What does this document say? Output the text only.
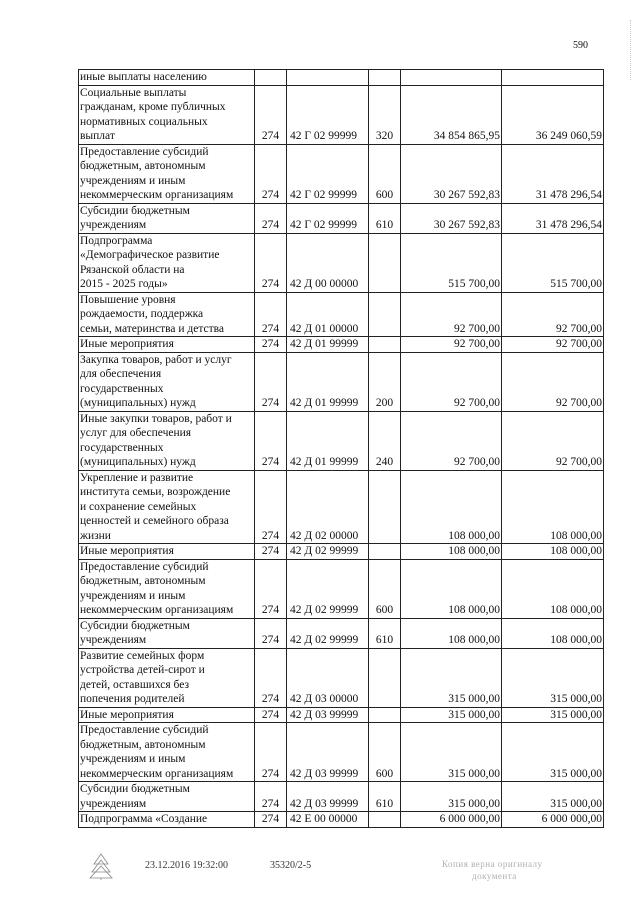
590
иные выплаты населению					

Социальные выплаты
гражданам, кроме публичных
нормативных социальных
выплат	274	42 Г 02 99999	320	34 854 865,95	36 249 060,59

Предоставление субсидий
бюджетным, автономным
учреждениям и иным
некоммерческим организациям	274	42 Г 02 99999	600	30 267 592,83	31 478 296,54

Субсидии бюджетным
учреждениям	274	42 Г 02 99999	610	30 267 592,83	31 478 296,54

Подпрограмма
«Демографическое развитие
Рязанской области на
2015 - 2025 годы»	274	42 Д 00 00000		515 700,00	515 700,00

Повышение уровня
рождаемости, поддержка
семьи, материнства и детства	274	42 Д 01 00000		92 700,00	92 700,00

Иные мероприятия	274	42 Д 01 99999		92 700,00	92 700,00

Закупка товаров, работ и услуг
для обеспечения
государственных
(муниципальных) нужд	274	42 Д 01 99999	200	92 700,00	92 700,00

Иные закупки товаров, работ и
услуг для обеспечения
государственных
(муниципальных) нужд	274	42 Д 01 99999	240	92 700,00	92 700,00

Укрепление и развитие
института семьи, возрождение
и сохранение семейных
ценностей и семейного образа
жизни	274	42 Д 02 00000		108 000,00	108 000,00

Иные мероприятия	274	42 Д 02 99999		108 000,00	108 000,00

Предоставление субсидий
бюджетным, автономным
учреждениям и иным
некоммерческим организациям	274	42 Д 02 99999	600	108 000,00	108 000,00

Субсидии бюджетным
учреждениям	274	42 Д 02 99999	610	108 000,00	108 000,00

Развитие семейных форм
устройства детей-сирот и
детей, оставшихся без
попечения родителей	274	42 Д 03 00000		315 000,00	315 000,00

Иные мероприятия	274	42 Д 03 99999		315 000,00	315 000,00

Предоставление субсидий
бюджетным, автономным
учреждениям и иным
некоммерческим организациям	274	42 Д 03 99999	600	315 000,00	315 000,00

Субсидии бюджетным
учреждениям	274	42 Д 03 99999	610	315 000,00	315 000,00

Подпрограмма «Создание	274	42 Е 00 00000		6 000 000,00	6 000 000,00
23.12.2016 19:32:00	35320/2-5	Копия верна оригиналу
документа
